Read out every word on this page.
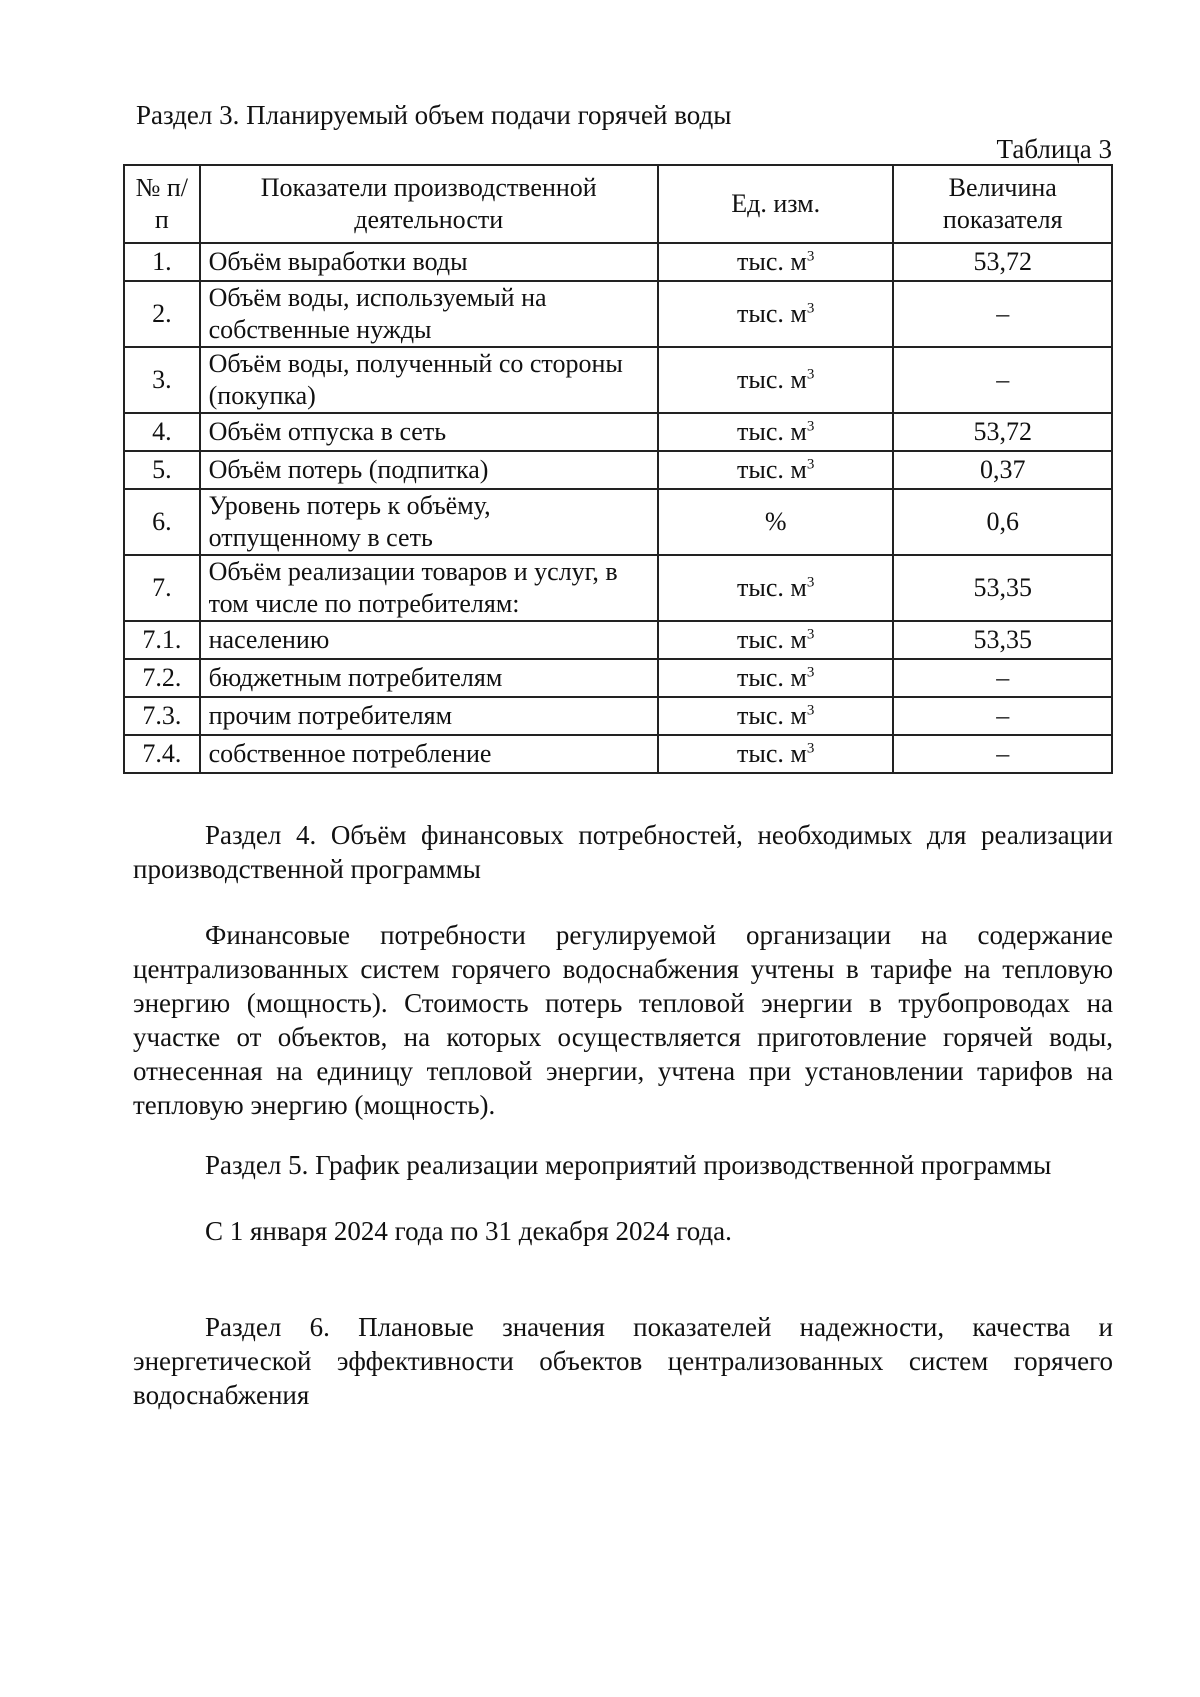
Раздел 3. Планируемый объем подачи горячей воды
Таблица 3
№ п/п	Показатели производственной деятельности	Ед. изм.	Величина показателя
1.	Объём выработки воды	тыс. $м^3$	53,72
2.	Объём воды, используемый на собственные нужды	тыс. $м^3$	–
3.	Объём воды, полученный со стороны (покупка)	тыс. $м^3$	–
4.	Объём отпуска в сеть	тыс. $м^3$	53,72
5.	Объём потерь (подпитка)	тыс. $м^3$	0,37
6.	Уровень потерь к объёму, отпущенному в сеть	%	0,6
7.	Объём реализации товаров и услуг, в том числе по потребителям:	тыс. $м^3$	53,35
7.1.	населению	тыс. $м^3$	53,35
7.2.	бюджетным потребителям	тыс. $м^3$	–
7.3.	прочим потребителям	тыс. $м^3$	–
7.4.	собственное потребление	тыс. $м^3$	–
Раздел 4. Объём финансовых потребностей, необходимых для реализации производственной программы
Финансовые потребности регулируемой организации на содержание централизованных систем горячего водоснабжения учтены в тарифе на тепловую энергию (мощность). Стоимость потерь тепловой энергии в трубопроводах на участке от объектов, на которых осуществляется приготовление горячей воды, отнесенная на единицу тепловой энергии, учтена при установлении тарифов на тепловую энергию (мощность).
Раздел 5. График реализации мероприятий производственной программы
С 1 января 2024 года по 31 декабря 2024 года.
Раздел 6. Плановые значения показателей надежности, качества и энергетической эффективности объектов централизованных систем горячего водоснабжения
